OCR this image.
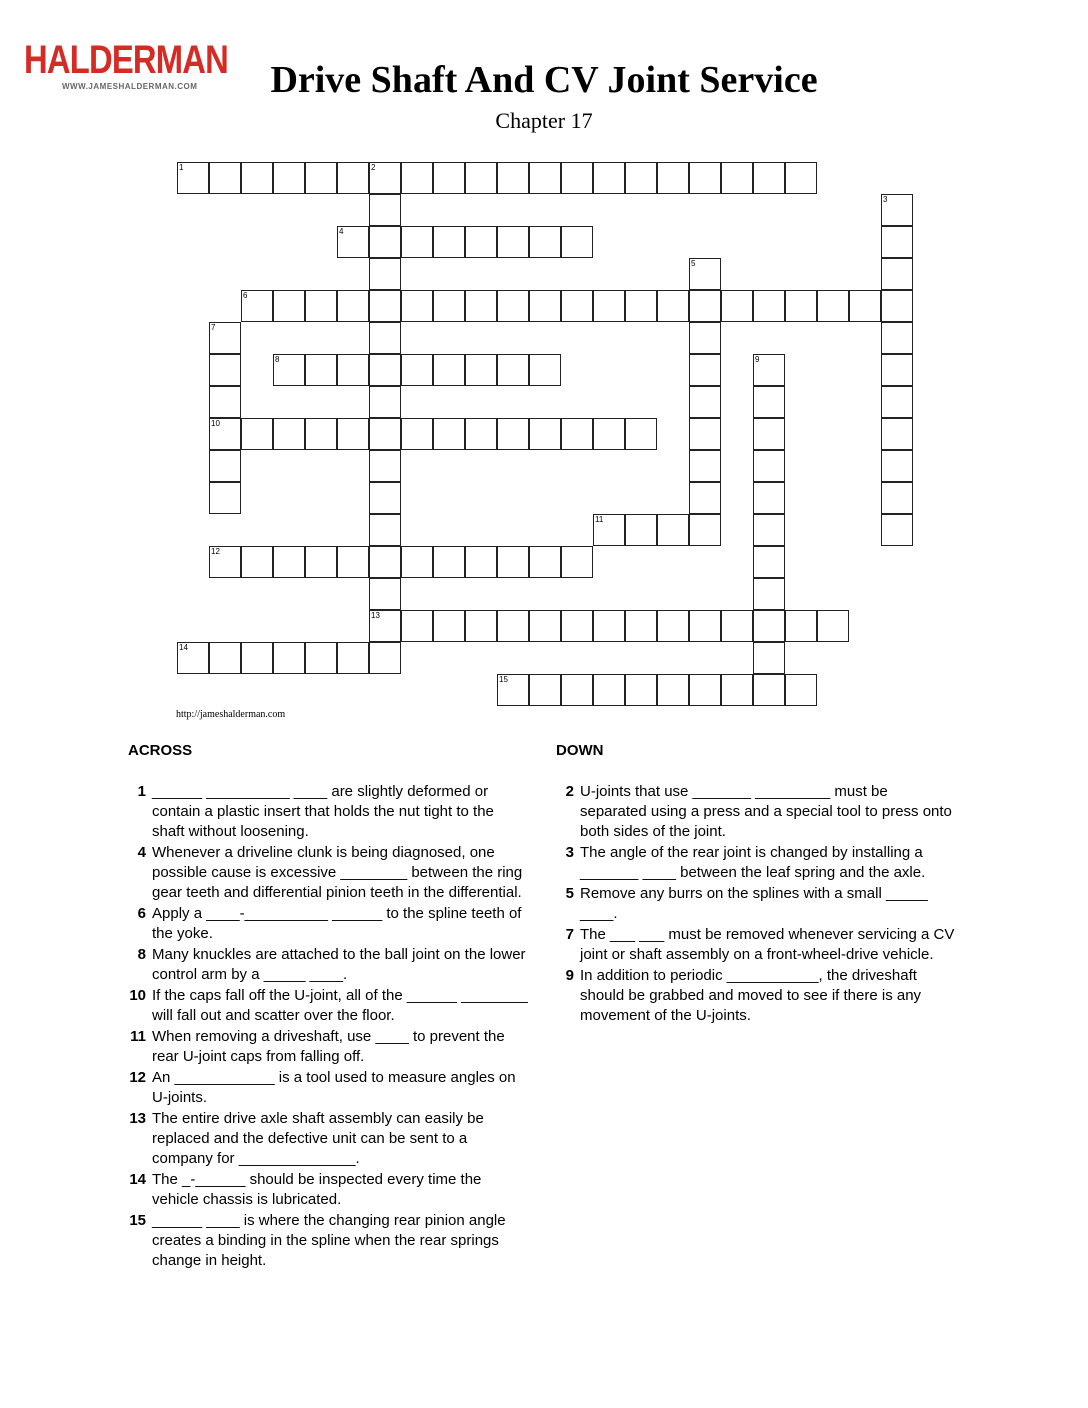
HALDERMAN
WWW.JAMESHALDERMAN.COM	Drive Shaft And CV Joint Service
Chapter 17
1	2
13
3
4
5
6
7
10
8	9
11
12
14
15
http://jameshalderman.com
ACROSS	DOWN
1 ______ __________ ____ are slightly deformed or contain a plastic insert that holds the nut tight to the shaft without loosening.
4 Whenever a driveline clunk is being diagnosed, one possible cause is excessive ________ between the ring gear teeth and differential pinion teeth in the differential.
6 Apply a ____-__________ ______ to the spline teeth of the yoke.
8 Many knuckles are attached to the ball joint on the lower control arm by a _____ ____.
10 If the caps fall off the U-joint, all of the ______ ________ will fall out and scatter over the floor.
11 When removing a driveshaft, use ____ to prevent the rear U-joint caps from falling off.
12 An ____________ is a tool used to measure angles on U-joints.
13 The entire drive axle shaft assembly can easily be replaced and the defective unit can be sent to a company for ______________.
14 The _-______ should be inspected every time the vehicle chassis is lubricated.
15 ______ ____ is where the changing rear pinion angle creates a binding in the spline when the rear springs change in height.
2 U-joints that use _______ _________ must be separated using a press and a special tool to press onto both sides of the joint.
3 The angle of the rear joint is changed by installing a _______ ____ between the leaf spring and the axle.
5 Remove any burrs on the splines with a small _____ ____.
7 The ___ ___ must be removed whenever servicing a CV joint or shaft assembly on a front-wheel-drive vehicle.
9 In addition to periodic ___________, the driveshaft should be grabbed and moved to see if there is any movement of the U-joints.
